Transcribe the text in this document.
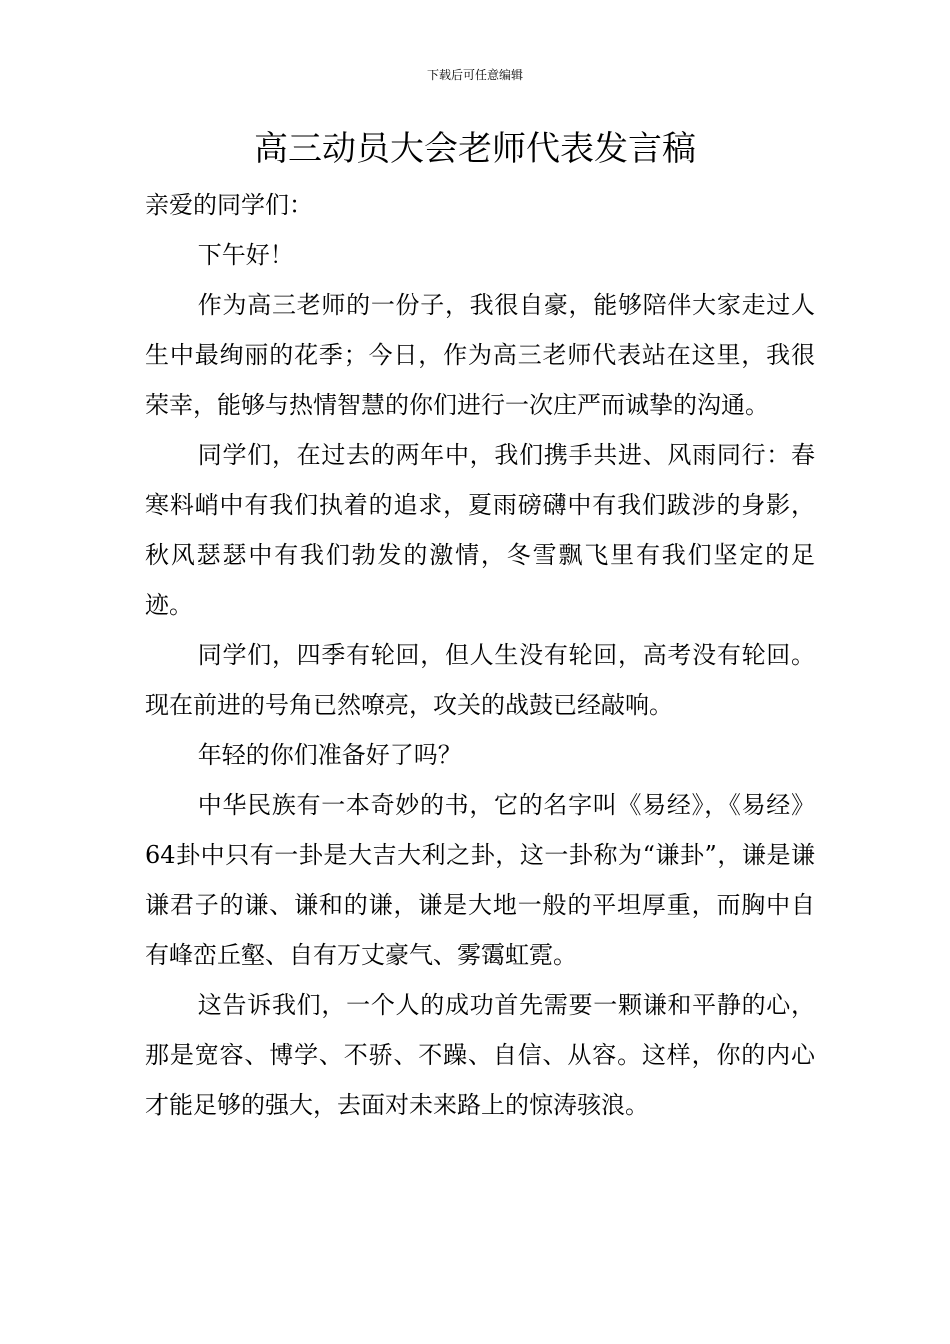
下载后可任意编辑
高三动员大会老师代表发言稿

亲爱的同学们：

下午好！

作为高三老师的一份子，我很自豪，能够陪伴大家走过人生中最绚丽的花季；今日，作为高三老师代表站在这里，我很荣幸，能够与热情智慧的你们进行一次庄严而诚挚的沟通。

同学们，在过去的两年中，我们携手共进、风雨同行：春寒料峭中有我们执着的追求，夏雨磅礴中有我们跋涉的身影，秋风瑟瑟中有我们勃发的激情，冬雪飘飞里有我们坚定的足迹。

同学们，四季有轮回，但人生没有轮回，高考没有轮回。现在前进的号角已然嘹亮，攻关的战鼓已经敲响。

年轻的你们准备好了吗？

中华民族有一本奇妙的书，它的名字叫《易经》，《易经》64卦中只有一卦是大吉大利之卦，这一卦称为“谦卦”，谦是谦谦君子的谦、谦和的谦，谦是大地一般的平坦厚重，而胸中自有峰峦丘壑、自有万丈豪气、雾霭虹霓。

这告诉我们，一个人的成功首先需要一颗谦和平静的心，那是宽容、博学、不骄、不躁、自信、从容。这样，你的内心才能足够的强大，去面对未来路上的惊涛骇浪。
